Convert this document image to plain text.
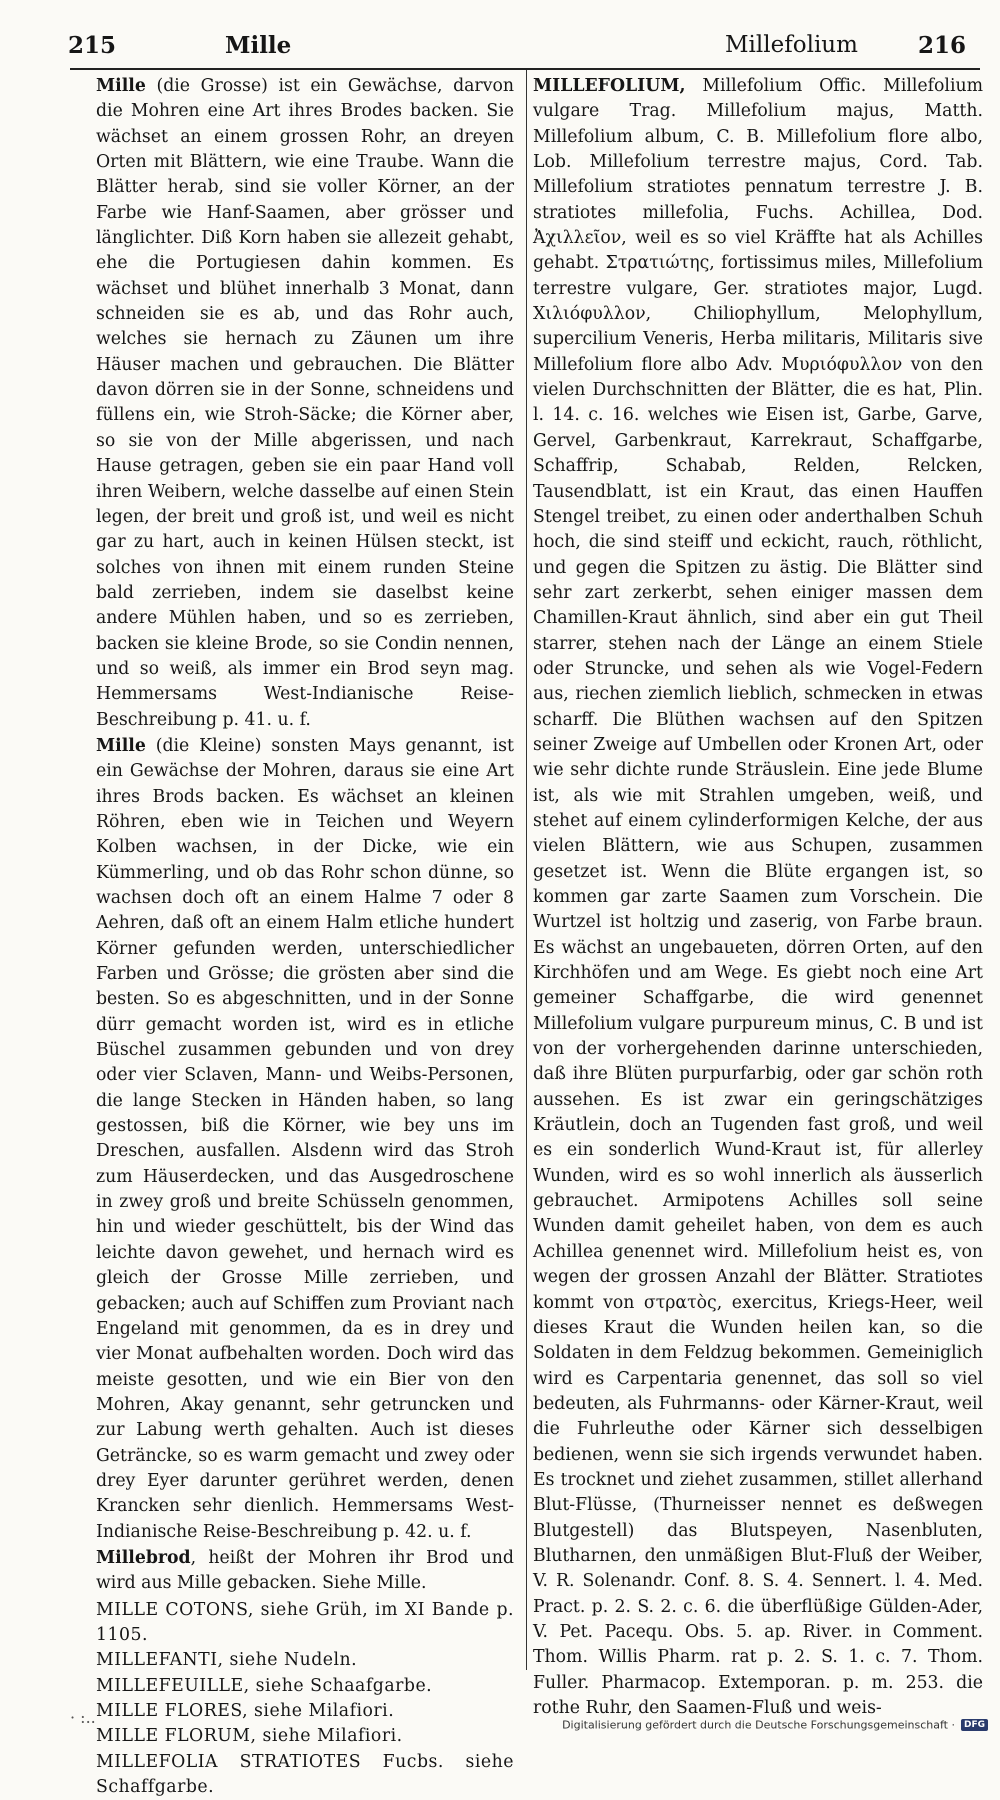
215	Mille	Millefolium	216

Mille (die Grosse) ist ein Gewächse, darvon die Mohren eine Art ihres Brodes backen. Sie wächset an einem grossen Rohr, an dreyen Orten mit Blättern, wie eine Traube. Wann die Blätter herab, sind sie voller Körner, an der Farbe wie Hanf-Saamen, aber grösser und länglichter. Diß Korn haben sie allezeit gehabt, ehe die Portugiesen dahin kommen. Es wächset und blühet innerhalb 3 Monat, dann schneiden sie es ab, und das Rohr auch, welches sie hernach zu Zäunen um ihre Häuser machen und gebrauchen. Die Blätter davon dörren sie in der Sonne, schneidens und füllens ein, wie Stroh-Säcke; die Körner aber, so sie von der Mille abgerissen, und nach Hause getragen, geben sie ein paar Hand voll ihren Weibern, welche dasselbe auf einen Stein legen, der breit und groß ist, und weil es nicht gar zu hart, auch in keinen Hülsen steckt, ist solches von ihnen mit einem runden Steine bald zerrieben, indem sie daselbst keine andere Mühlen haben, und so es zerrieben, backen sie kleine Brode, so sie Condin nennen, und so weiß, als immer ein Brod seyn mag. Hemmersams West-Indianische Reise-Beschreibung p. 41. u. f.

Mille (die Kleine) sonsten Mays genannt, ist ein Gewächse der Mohren, daraus sie eine Art ihres Brods backen. Es wächset an kleinen Röhren, eben wie in Teichen und Weyern Kolben wachsen, in der Dicke, wie ein Kümmerling, und ob das Rohr schon dünne, so wachsen doch oft an einem Halme 7 oder 8 Aehren, daß oft an einem Halm etliche hundert Körner gefunden werden, unterschiedlicher Farben und Grösse; die grösten aber sind die besten. So es abgeschnitten, und in der Sonne dürr gemacht worden ist, wird es in etliche Büschel zusammen gebunden und von drey oder vier Sclaven, Mann- und Weibs-Personen, die lange Stecken in Händen haben, so lang gestossen, biß die Körner, wie bey uns im Dreschen, ausfallen. Alsdenn wird das Stroh zum Häuserdecken, und das Ausgedroschene in zwey groß und breite Schüsseln genommen, hin und wieder geschüttelt, bis der Wind das leichte davon gewehet, und hernach wird es gleich der Grosse Mille zerrieben, und gebacken; auch auf Schiffen zum Proviant nach Engeland mit genommen, da es in drey und vier Monat aufbehalten worden. Doch wird das meiste gesotten, und wie ein Bier von den Mohren, Akay genannt, sehr getruncken und zur Labung werth gehalten. Auch ist dieses Geträncke, so es warm gemacht und zwey oder drey Eyer darunter gerühret werden, denen Krancken sehr dienlich. Hemmersams West-Indianische Reise-Beschreibung p. 42. u. f.

Millebrod, heißt der Mohren ihr Brod und wird aus Mille gebacken. Siehe Mille.

MILLE COTONS, siehe Grüh, im XI Bande p. 1105.

MILLEFANTI, siehe Nudeln.

MILLEFEUILLE, siehe Schaafgarbe.

MILLE FLORES, siehe Milafiori.

MILLE FLORUM, siehe Milafiori.

MILLEFOLIA STRATIOTES Fucbs. siehe Schaffgarbe.

MILLEFOLIUM, Millefolium Offic. Millefolium vulgare Trag. Millefolium majus, Matth. Millefolium album, C. B. Millefolium flore albo, Lob. Millefolium terrestre majus, Cord. Tab. Millefolium stratiotes pennatum terrestre J. B. stratiotes millefolia, Fuchs. Achillea, Dod. Ἀχιλλεῖον, weil es so viel Kräffte hat als Achilles gehabt. Στρατιώτης, fortissimus miles, Millefolium terrestre vulgare, Ger. stratiotes major, Lugd. Χιλιόφυλλον, Chiliophyllum, Melophyllum, supercilium Veneris, Herba militaris, Militaris sive Millefolium flore albo Adv. Μυριόφυλλον von den vielen Durchschnitten der Blätter, die es hat, Plin. l. 14. c. 16. welches wie Eisen ist, Garbe, Garve, Gervel, Garbenkraut, Karrekraut, Schaffgarbe, Schaffrip, Schabab, Relden, Relcken, Tausendblatt, ist ein Kraut, das einen Hauffen Stengel treibet, zu einen oder anderthalben Schuh hoch, die sind steiff und eckicht, rauch, röthlicht, und gegen die Spitzen zu ästig. Die Blätter sind sehr zart zerkerbt, sehen einiger massen dem Chamillen-Kraut ähnlich, sind aber ein gut Theil starrer, stehen nach der Länge an einem Stiele oder Struncke, und sehen als wie Vogel-Federn aus, riechen ziemlich lieblich, schmecken in etwas scharff. Die Blüthen wachsen auf den Spitzen seiner Zweige auf Umbellen oder Kronen Art, oder wie sehr dichte runde Sträuslein. Eine jede Blume ist, als wie mit Strahlen umgeben, weiß, und stehet auf einem cylinderformigen Kelche, der aus vielen Blättern, wie aus Schupen, zusammen gesetzet ist. Wenn die Blüte ergangen ist, so kommen gar zarte Saamen zum Vorschein. Die Wurtzel ist holtzig und zaserig, von Farbe braun. Es wächst an ungebaueten, dörren Orten, auf den Kirchhöfen und am Wege. Es giebt noch eine Art gemeiner Schaffgarbe, die wird genennet Millefolium vulgare purpureum minus, C. B und ist von der vorhergehenden darinne unterschieden, daß ihre Blüten purpurfarbig, oder gar schön roth aussehen. Es ist zwar ein geringschätziges Kräutlein, doch an Tugenden fast groß, und weil es ein sonderlich Wund-Kraut ist, für allerley Wunden, wird es so wohl innerlich als äusserlich gebrauchet. Armipotens Achilles soll seine Wunden damit geheilet haben, von dem es auch Achillea genennet wird. Millefolium heist es, von wegen der grossen Anzahl der Blätter. Stratiotes kommt von στρατὸς, exercitus, Kriegs-Heer, weil dieses Kraut die Wunden heilen kan, so die Soldaten in dem Feldzug bekommen. Gemeiniglich wird es Carpentaria genennet, das soll so viel bedeuten, als Fuhrmanns- oder Kärner-Kraut, weil die Fuhrleuthe oder Kärner sich desselbigen bedienen, wenn sie sich irgends verwundet haben. Es trocknet und ziehet zusammen, stillet allerhand Blut-Flüsse, (Thurneisser nennet es deßwegen Blutgestell) das Blutspeyen, Nasenbluten, Blutharnen, den unmäßigen Blut-Fluß der Weiber, V. R. Solenandr. Conf. 8. S. 4. Sennert. l. 4. Med. Pract. p. 2. S. 2. c. 6. die überflüßige Gülden-Ader, V. Pet. Pacequ. Obs. 5. ap. River. in Comment. Thom. Willis Pharm. rat p. 2. S. 1. c. 7. Thom. Fuller. Pharmacop. Extemporan. p. m. 253. die rothe Ruhr, den Saamen-Fluß und weis-

· :..	Digitalisierung gefördert durch die Deutsche Forschungsgemeinschaft · DFG
